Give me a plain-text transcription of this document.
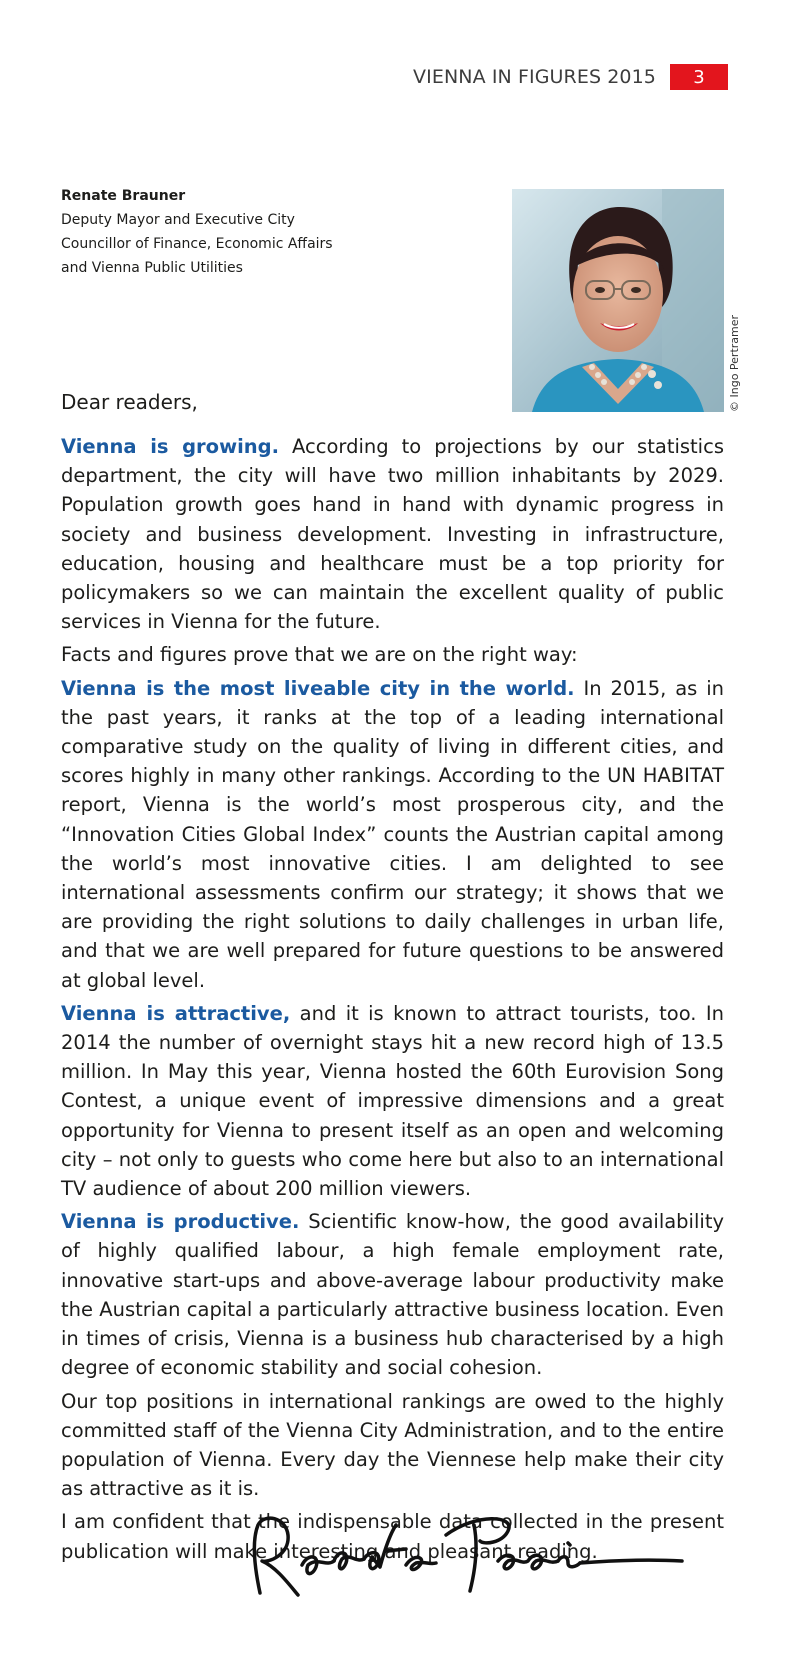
VIENNA IN FIGURES 2015	3
Renate Brauner
Deputy Mayor and Executive City
Councillor of Finance, Economic Affairs
and Vienna Public Utilities
© Ingo Pertramer
Dear readers,

Vienna is growing. According to projections by our statistics department, the city will have two million inhabitants by 2029. Population growth goes hand in hand with dynamic progress in society and business development. Investing in infrastructure, education, housing and healthcare must be a top priority for policymakers so we can maintain the excellent quality of public services in Vienna for the future.

Facts and figures prove that we are on the right way:

Vienna is the most liveable city in the world. In 2015, as in the past years, it ranks at the top of a leading international comparative study on the quality of living in different cities, and scores highly in many other rankings. According to the UN HABITAT report, Vienna is the world’s most prosperous city, and the “Innovation Cities Global Index” counts the Austrian capital among the world’s most innovative cities. I am delighted to see international assessments confirm our strategy; it shows that we are providing the right solutions to daily challenges in urban life, and that we are well prepared for future questions to be answered at global level.

Vienna is attractive, and it is known to attract tourists, too. In 2014 the number of overnight stays hit a new record high of 13.5 million. In May this year, Vienna hosted the 60th Eurovision Song Contest, a unique event of impressive dimensions and a great opportunity for Vienna to present itself as an open and welcoming city – not only to guests who come here but also to an international TV audience of about 200 million viewers.

Vienna is productive. Scientific know-how, the good availability of highly qualified labour, a high female employment rate, innovative start-ups and above-average labour productivity make the Austrian capital a particularly attractive business location. Even in times of crisis, Vienna is a business hub characterised by a high degree of economic stability and social cohesion.

Our top positions in international rankings are owed to the highly committed staff of the Vienna City Administration, and to the entire population of Vienna. Every day the Viennese help make their city as attractive as it is.

I am confident that the indispensable data collected in the present publication will make interesting and pleasant reading.
